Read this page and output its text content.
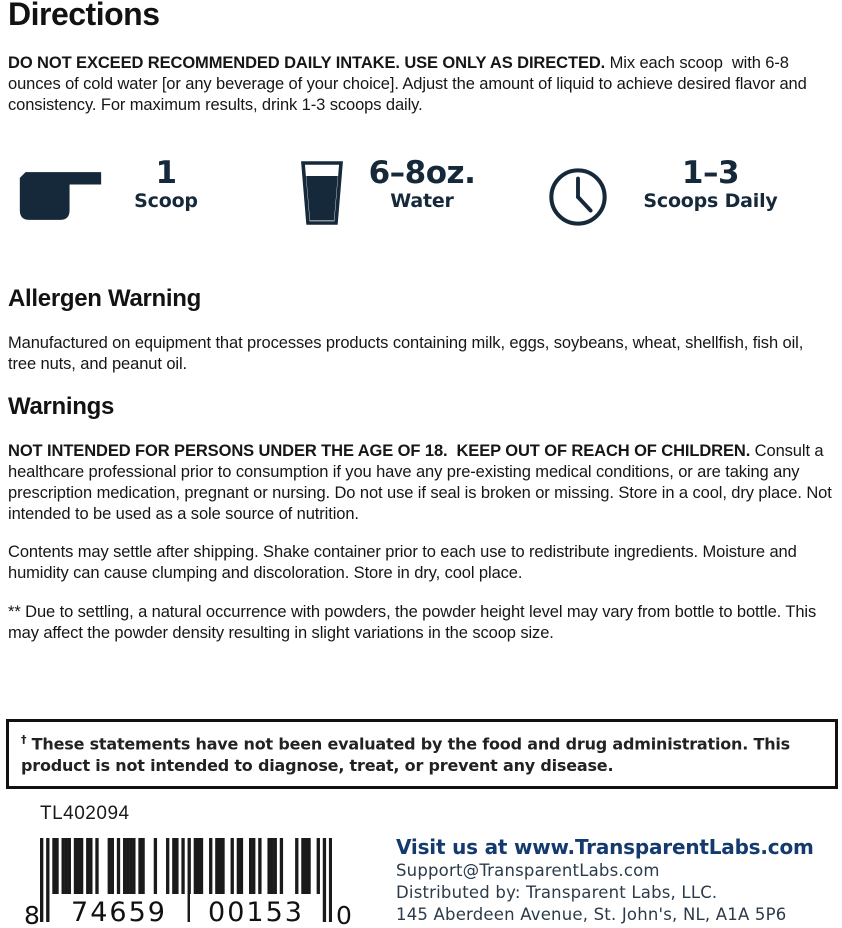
Directions

DO NOT EXCEED RECOMMENDED DAILY INTAKE. USE ONLY AS DIRECTED. Mix each scoop  with 6-8 ounces of cold water [or any beverage of your choice]. Adjust the amount of liquid to achieve desired flavor and consistency. For maximum results, drink 1-3 scoops daily.

1
Scoop
6–8oz.
Water
1–3
Scoops Daily
Allergen Warning

Manufactured on equipment that processes products containing milk, eggs, soybeans, wheat, shellfish, fish oil, tree nuts, and peanut oil.

Warnings

NOT INTENDED FOR PERSONS UNDER THE AGE OF 18.  KEEP OUT OF REACH OF CHILDREN. Consult a healthcare professional prior to consumption if you have any pre-existing medical conditions, or are taking any prescription medication, pregnant or nursing. Do not use if seal is broken or missing. Store in a cool, dry place. Not intended to be used as a sole source of nutrition.

Contents may settle after shipping. Shake container prior to each use to redistribute ingredients. Moisture and humidity can cause clumping and discoloration. Store in dry, cool place.

** Due to settling, a natural occurrence with powders, the powder height level may vary from bottle to bottle. This may affect the powder density resulting in slight variations in the scoop size.

† These statements have not been evaluated by the food and drug administration. This product is not intended to diagnose, treat, or prevent any disease.
TL402094
8	74659	00153	0
Visit us at www.TransparentLabs.com
Support@TransparentLabs.com
Distributed by: Transparent Labs, LLC.
145 Aberdeen Avenue, St. John's, NL, A1A 5P6
